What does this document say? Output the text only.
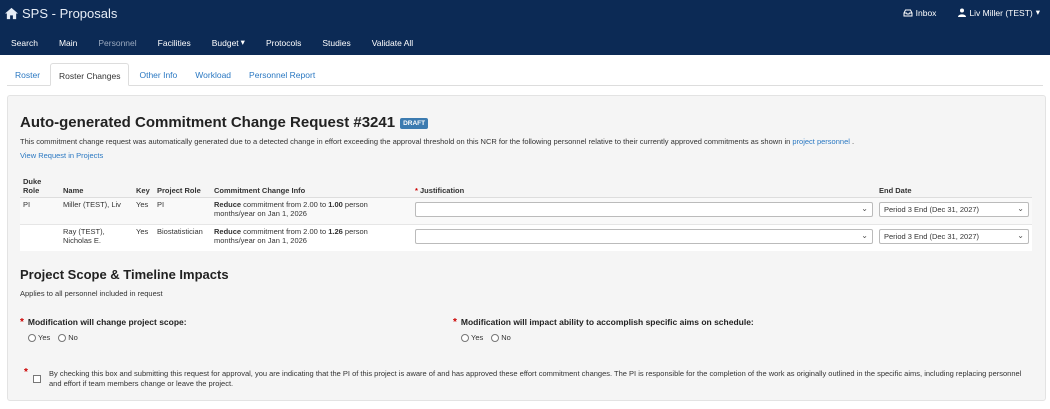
SPS - Proposals	Inbox	Liv Miller (TEST) ▾
Search	Main	Personnel	Facilities Budget ▾	Protocols	Studies	Validate All
Roster	Roster Changes	Other Info	Workload	Personnel Report
Auto-generated Commitment Change Request #3241	DRAFT
This commitment change request was automatically generated due to a detected change in effort exceeding the approval threshold on this NCR for the following personnel relative to their currently approved commitments as shown in project personnel .
View Request in Projects
Duke Role	Name	Key	Project Role	Commitment Change Info	* Justification	End Date
PI	Miller (TEST), Liv	Yes	PI	Reduce commitment from 2.00 to 1.00 person months/year on Jan 1, 2026	⌄	Period 3 End (Dec 31, 2027) ⌄

	Ray (TEST), Nicholas E.	Yes	Biostatistician	Reduce commitment from 2.00 to 1.26 person months/year on Jan 1, 2026	⌄	Period 3 End (Dec 31, 2027) ⌄
Project Scope & Timeline Impacts
Applies to all personnel included in request
* Modification will change project scope:
Yes No
* Modification will impact ability to accomplish specific aims on schedule:
Yes No
*	By checking this box and submitting this request for approval, you are indicating that the PI of this project is aware of and has approved these effort commitment changes. The PI is responsible for the completion of the work as originally outlined in the specific aims, including replacing personnel and effort if team members change or leave the project.
